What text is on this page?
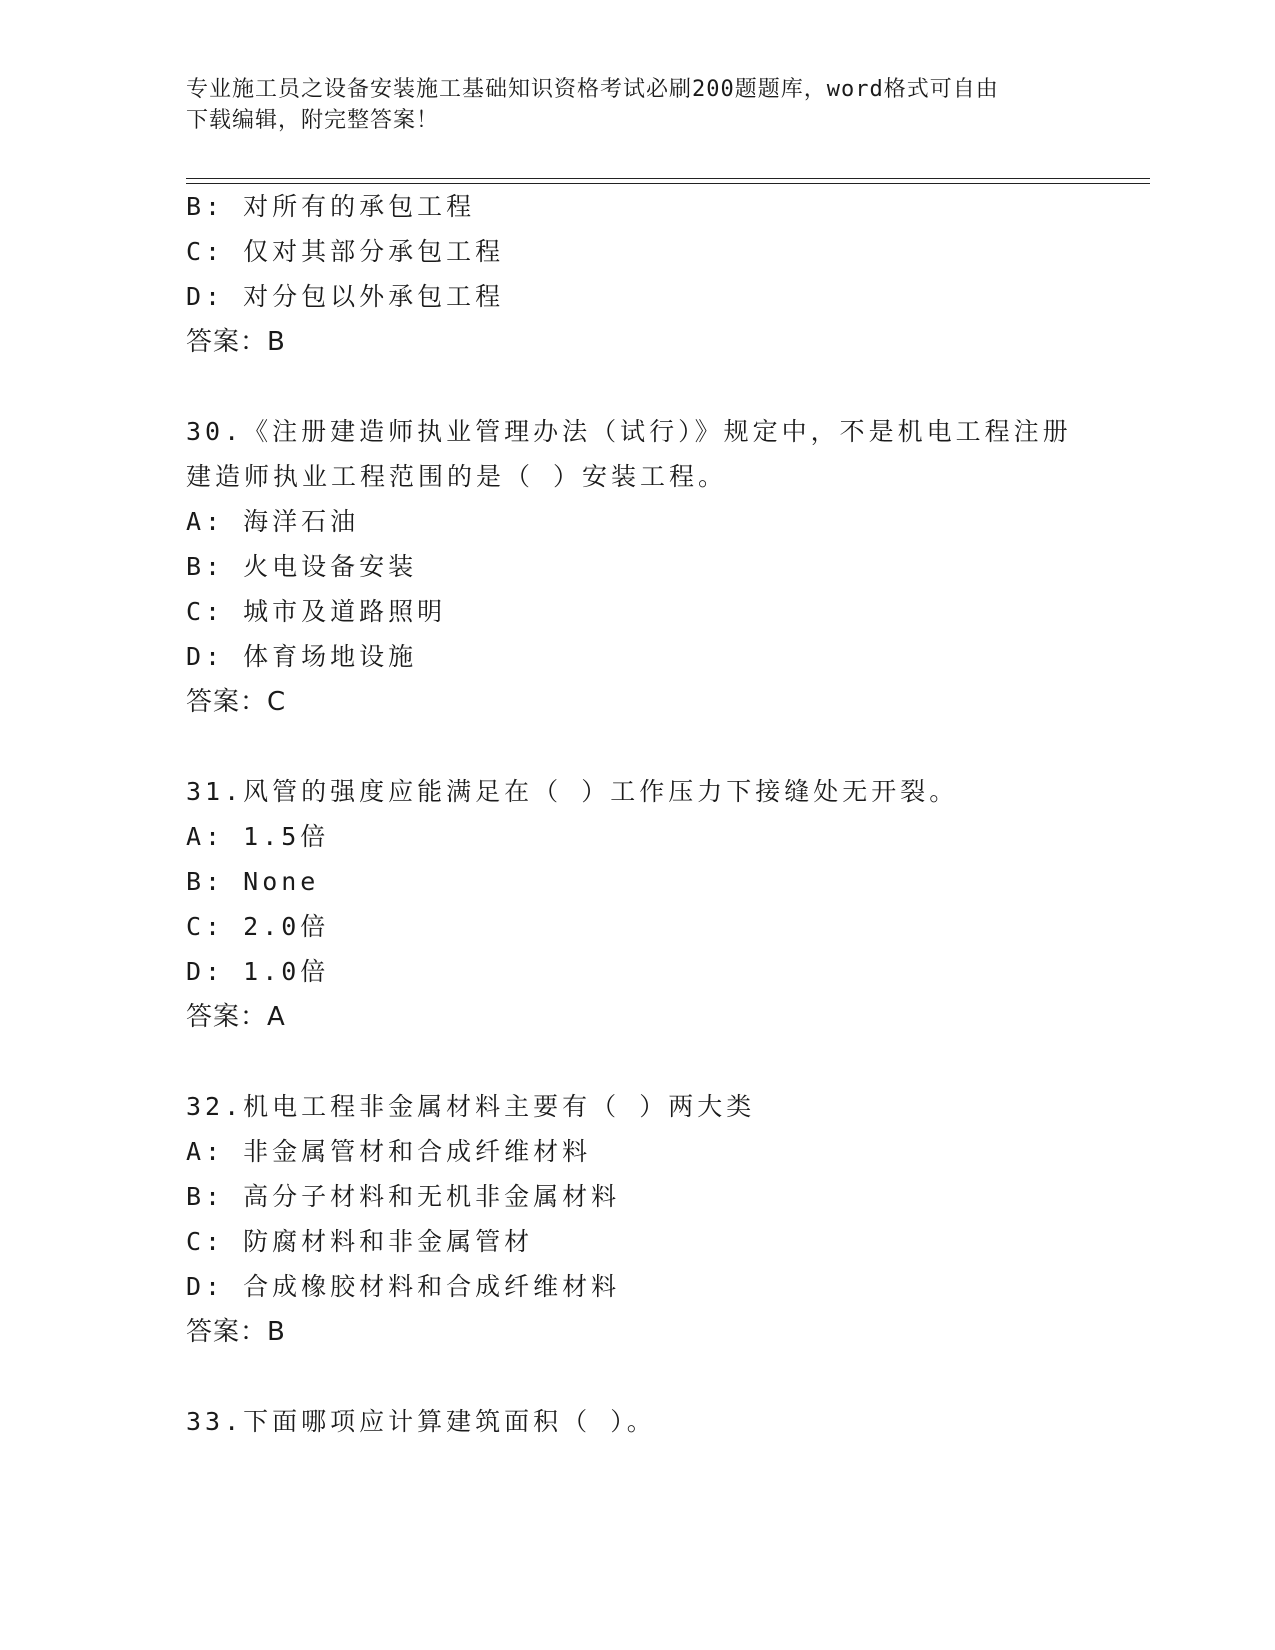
专业施工员之设备安装施工基础知识资格考试必刷200题题库，word格式可自由
下载编辑，附完整答案！
B: 对所有的承包工程
C: 仅对其部分承包工程
D: 对分包以外承包工程
答案：B
30.《注册建造师执业管理办法（试行）》规定中，不是机电工程注册
建造师执业工程范围的是（ ）安装工程。
A: 海洋石油
B: 火电设备安装
C: 城市及道路照明
D: 体育场地设施
答案：C
31.风管的强度应能满足在（ ）工作压力下接缝处无开裂。
A: 1.5倍
B: None
C: 2.0倍
D: 1.0倍
答案：A
32.机电工程非金属材料主要有（ ）两大类
A: 非金属管材和合成纤维材料
B: 高分子材料和无机非金属材料
C: 防腐材料和非金属管材
D: 合成橡胶材料和合成纤维材料
答案：B
33.下面哪项应计算建筑面积（ ）。
